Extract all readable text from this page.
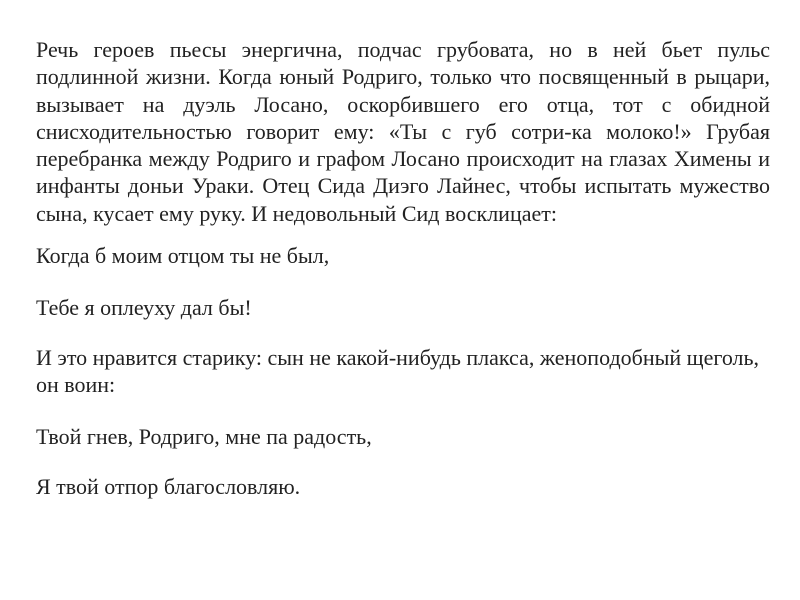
Речь героев пьесы энергична, подчас грубовата, но в ней бьет пульс подлинной жизни. Когда юный Родриго, только что посвященный в рыцари, вызывает на дуэль Лосано, оскорбившего его отца, тот с обидной снисходительностью говорит ему: «Ты с губ сотри-ка молоко!» Грубая перебранка между Родриго и графом Лосано происходит на глазах Химены и инфанты доньи Ураки. Отец Сида Диэго Лайнес, чтобы испытать мужество сына, кусает ему руку. И недовольный Сид восклицает:

Когда б моим отцом ты не был,

Тебе я оплеуху дал бы!

И это нравится старику: сын не какой-нибудь плакса, женоподобный щеголь, он воин:

Твой гнев, Родриго, мне па радость,

Я твой отпор благословляю.
